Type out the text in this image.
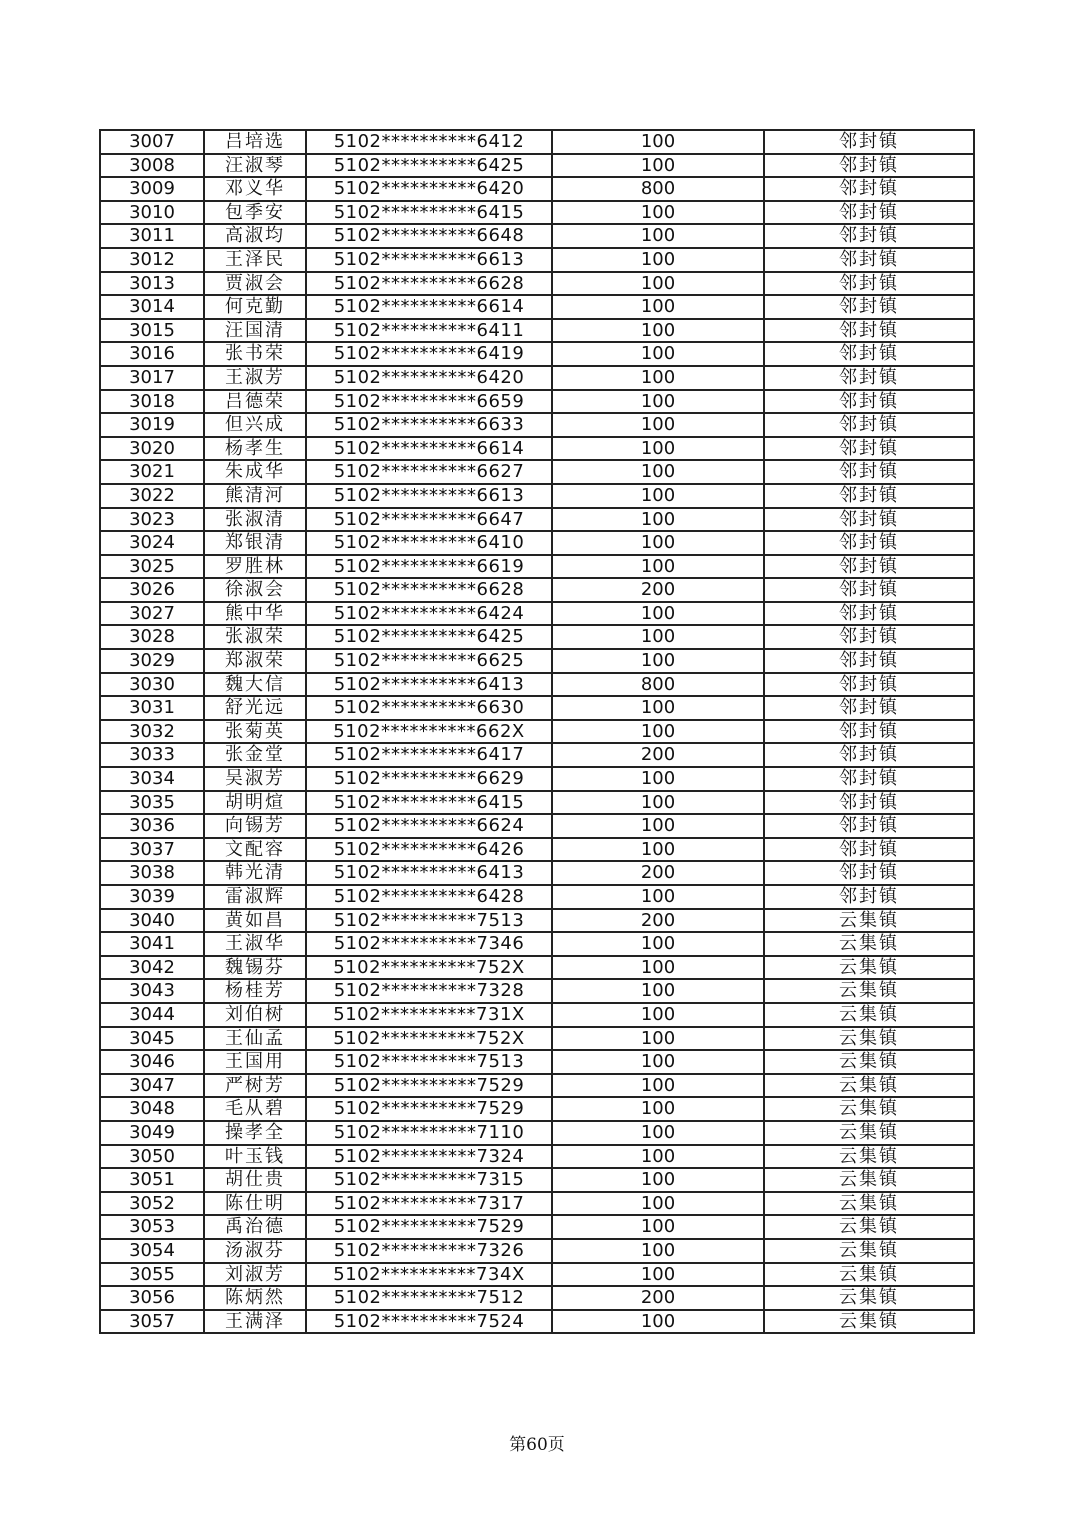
3007	吕培选	5102**********6412	100	邻封镇
3008	汪淑琴	5102**********6425	100	邻封镇
3009	邓义华	5102**********6420	800	邻封镇
3010	包季安	5102**********6415	100	邻封镇
3011	高淑均	5102**********6648	100	邻封镇
3012	王泽民	5102**********6613	100	邻封镇
3013	贾淑会	5102**********6628	100	邻封镇
3014	何克勤	5102**********6614	100	邻封镇
3015	汪国清	5102**********6411	100	邻封镇
3016	张书荣	5102**********6419	100	邻封镇
3017	王淑芳	5102**********6420	100	邻封镇
3018	吕德荣	5102**********6659	100	邻封镇
3019	但兴成	5102**********6633	100	邻封镇
3020	杨孝生	5102**********6614	100	邻封镇
3021	朱成华	5102**********6627	100	邻封镇
3022	熊清河	5102**********6613	100	邻封镇
3023	张淑清	5102**********6647	100	邻封镇
3024	郑银清	5102**********6410	100	邻封镇
3025	罗胜林	5102**********6619	100	邻封镇
3026	徐淑会	5102**********6628	200	邻封镇
3027	熊中华	5102**********6424	100	邻封镇
3028	张淑荣	5102**********6425	100	邻封镇
3029	郑淑荣	5102**********6625	100	邻封镇
3030	魏大信	5102**********6413	800	邻封镇
3031	舒光远	5102**********6630	100	邻封镇
3032	张菊英	5102**********662X	100	邻封镇
3033	张金堂	5102**********6417	200	邻封镇
3034	吴淑芳	5102**********6629	100	邻封镇
3035	胡明煊	5102**********6415	100	邻封镇
3036	向锡芳	5102**********6624	100	邻封镇
3037	文配容	5102**********6426	100	邻封镇
3038	韩光清	5102**********6413	200	邻封镇
3039	雷淑辉	5102**********6428	100	邻封镇
3040	黄如昌	5102**********7513	200	云集镇
3041	王淑华	5102**********7346	100	云集镇
3042	魏锡芬	5102**********752X	100	云集镇
3043	杨桂芳	5102**********7328	100	云集镇
3044	刘伯树	5102**********731X	100	云集镇
3045	王仙孟	5102**********752X	100	云集镇
3046	王国用	5102**********7513	100	云集镇
3047	严树芳	5102**********7529	100	云集镇
3048	毛从碧	5102**********7529	100	云集镇
3049	操孝全	5102**********7110	100	云集镇
3050	叶玉钱	5102**********7324	100	云集镇
3051	胡仕贵	5102**********7315	100	云集镇
3052	陈仕明	5102**********7317	100	云集镇
3053	禹治德	5102**********7529	100	云集镇
3054	汤淑芬	5102**********7326	100	云集镇
3055	刘淑芳	5102**********734X	100	云集镇
3056	陈炳然	5102**********7512	200	云集镇
3057	王满泽	5102**********7524	100	云集镇
第60页
